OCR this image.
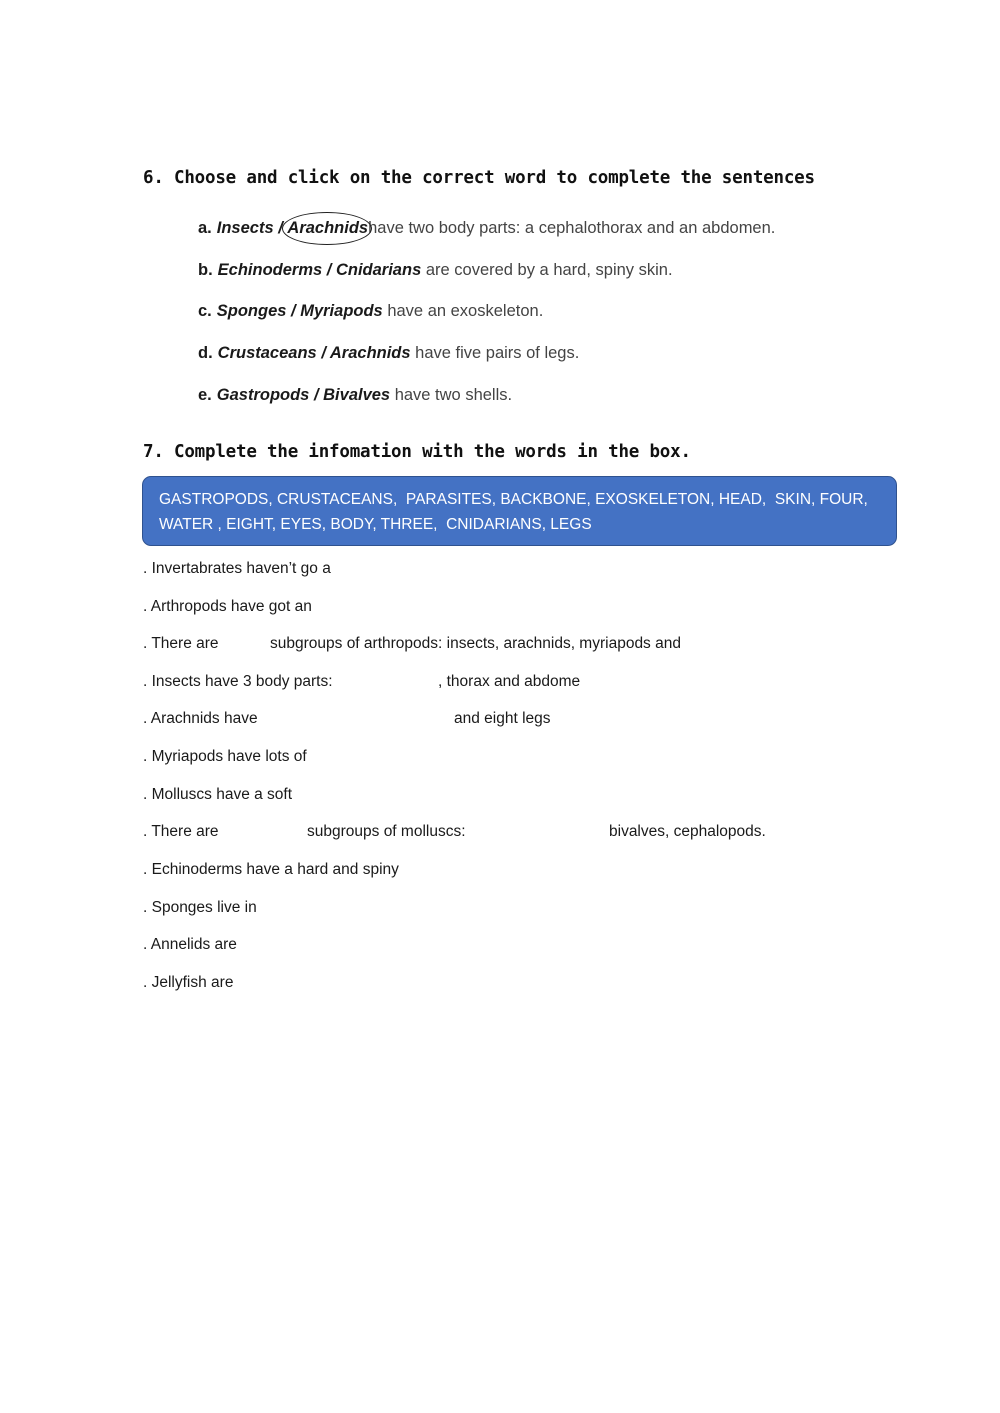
6. Choose and click on the correct word to complete the sentences
a. Insects / Arachnidshave two body parts: a cephalothorax and an abdomen.
b. Echinoderms / Cnidarians are covered by a hard, spiny skin.
c. Sponges / Myriapods have an exoskeleton.
d. Crustaceans / Arachnids have five pairs of legs.
e. Gastropods / Bivalves have two shells.
7. Complete the infomation with the words in the box.
GASTROPODS, CRUSTACEANS,  PARASITES, BACKBONE, EXOSKELETON, HEAD,  SKIN, FOUR,
WATER , EIGHT, EYES, BODY, THREE,  CNIDARIANS, LEGS
. Invertabrates haven’t go a
. Arthropods have got an
. There are	subgroups of arthropods: insects, arachnids, myriapods and
. Insects have 3 body parts:	, thorax and abdome
. Arachnids have	and eight legs
. Myriapods have lots of
. Molluscs have a soft
. There are	subgroups of molluscs:	bivalves, cephalopods.
. Echinoderms have a hard and spiny
. Sponges live in
. Annelids are
. Jellyfish are
